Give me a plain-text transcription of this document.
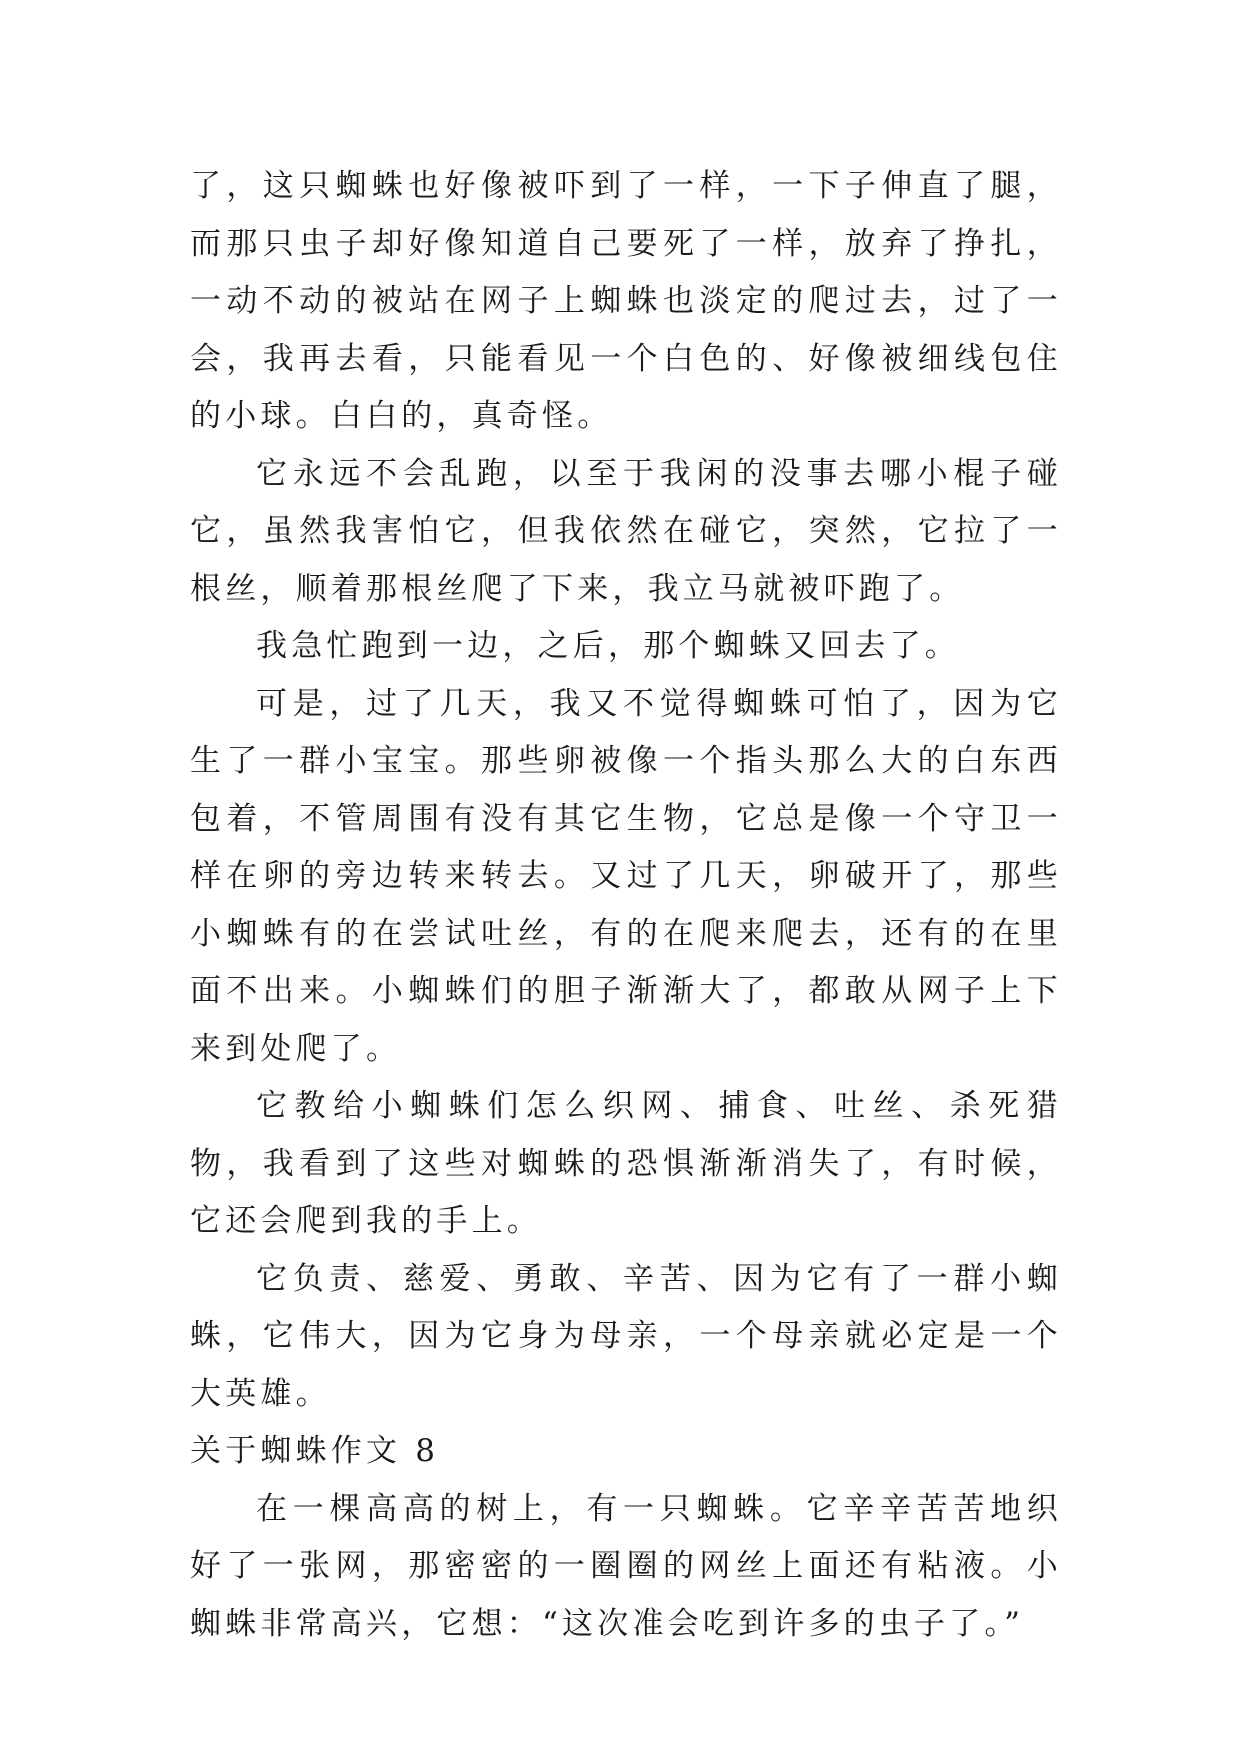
了，这只蜘蛛也好像被吓到了一样，一下子伸直了腿，而那只虫子却好像知道自己要死了一样，放弃了挣扎，一动不动的被站在网子上蜘蛛也淡定的爬过去，过了一会，我再去看，只能看见一个白色的、好像被细线包住的小球。白白的，真奇怪。

它永远不会乱跑，以至于我闲的没事去哪小棍子碰它，虽然我害怕它，但我依然在碰它，突然，它拉了一根丝，顺着那根丝爬了下来，我立马就被吓跑了。

我急忙跑到一边，之后，那个蜘蛛又回去了。

可是，过了几天，我又不觉得蜘蛛可怕了，因为它生了一群小宝宝。那些卵被像一个指头那么大的白东西包着，不管周围有没有其它生物，它总是像一个守卫一样在卵的旁边转来转去。又过了几天，卵破开了，那些小蜘蛛有的在尝试吐丝，有的在爬来爬去，还有的在里面不出来。小蜘蛛们的胆子渐渐大了，都敢从网子上下来到处爬了。

它教给小蜘蛛们怎么织网、捕食、吐丝、杀死猎物，我看到了这些对蜘蛛的恐惧渐渐消失了，有时候，它还会爬到我的手上。

它负责、慈爱、勇敢、辛苦、因为它有了一群小蜘蛛，它伟大，因为它身为母亲，一个母亲就必定是一个大英雄。

关于蜘蛛作文 8

在一棵高高的树上，有一只蜘蛛。它辛辛苦苦地织好了一张网，那密密的一圈圈的网丝上面还有粘液。小蜘蛛非常高兴，它想：“这次准会吃到许多的虫子了。”
